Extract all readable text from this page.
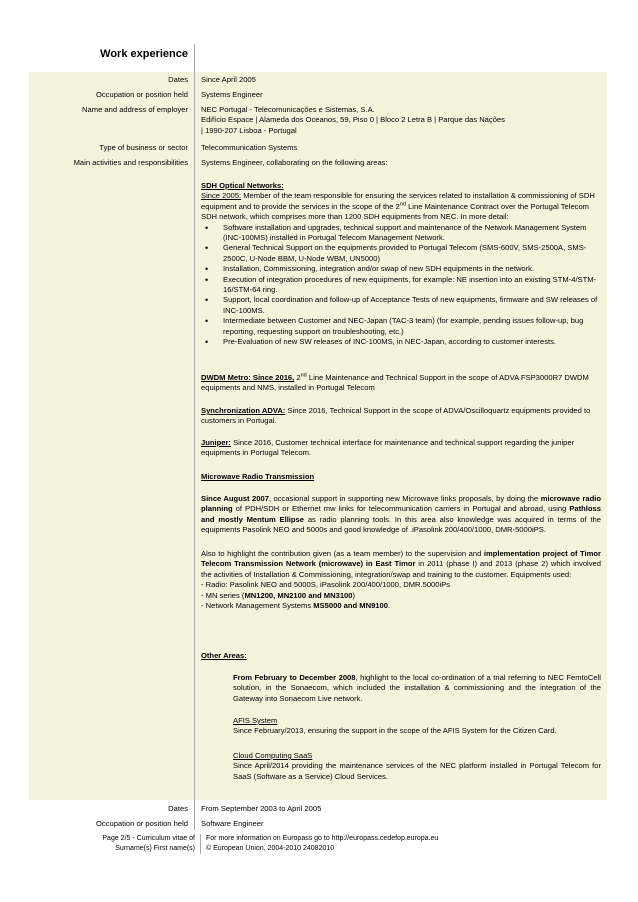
Work experience
Dates
Occupation or position held
Name and address of employer
Type of business or sector
Main activities and responsibilities
Since April 2005
Systems Engineer

NEC Portugal - Telecomunicações e Sistemas, S.A.

Edifício Espace | Alameda dos Oceanos, 59, Piso 0 | Bloco 2 Letra B | Parque das Nações

| 1990-207 Lisboa - Portugal

Telecommunication Systems
Systems Engineer, collaborating on the following areas:

SDH Optical Networks:

Since 2005: Member of the team responsible for ensuring the services related to installation & commissioning of SDH equipment and to provide the services in the scope of the 2nd Line Maintenance Contract over the Portugal Telecom SDH network, which comprises more than 1200 SDH equipments from NEC. In more detail:

• Software installation and upgrades, technical support and maintenance of the Network Management System (INC-100MS) installed in Portugal Telecom Management Network.
• General Technical Support on the equipments provided to Portugal Telecom (SMS-600V, SMS-2500A, SMS-2500C, U-Node BBM, U-Node WBM, UN5000)
• Installation, Commissioning, integration and/or swap of new SDH equipments in the network.
• Execution of integration procedures of new equipments, for example: NE insertion into an existing STM-4/STM-16/STM-64 ring.
• Support, local coordination and follow-up of Acceptance Tests of new equipments, firmware and SW releases of INC-100MS.
• Intermediate between Customer and NEC-Japan (TAC-3 team) (for example, pending issues follow-up, bug reporting, requesting support on troubleshooting, etc.)
• Pre-Evaluation of new SW releases of INC-100MS, in NEC-Japan, according to customer interests.

DWDM Metro: Since 2016, 2nd Line Maintenance and Technical Support in the scope of ADVA FSP3000R7 DWDM equipments and NMS, installed in Portugal Telecom

Synchronization ADVA: Since 2016, Technical Support in the scope of ADVA/Oscilloquartz equipments provided to customers in Portugal.

Juniper: Since 2016, Customer technical interface for maintenance and technical support regarding the juniper equipments in Portugal Telecom.

Microwave Radio Transmission
Since August 2007, occasional support in supporting new Microwave links proposals, by doing the microwave radio planning of PDH/SDH or Ethernet mw links for telecommunication carriers in Portugal and abroad, using Pathloss and mostly Mentum Ellipse as radio planning tools. In this area also knowledge was acquired in terms of the equipments Pasolink NEO and 5000s and good knowledge of .iPasolink 200/400/1000, DMR-5000iPS.
Also to highlight the contribution given (as a team member) to the supervision and implementation project of Timor Telecom Transmission Network (microwave) in East Timor in 2011 (phase I) and 2013 (phase 2) which involved the activities of Installation & Commissioning, integration/swap and training to the customer. Equipments used:

- Radio: Pasolink NEO and 5000S, iPasolink 200/400/1000, DMR.5000iPs

- MN series (MN1200, MN2100 and MN3100)

- Network Management Systems MS5000 and MN9100.

Other Areas:
From February to December 2008, highlight to the local co-ordination of a trial referring to NEC FemtoCell solution, in the Sonaecom, which included the installation & commissioning and the integration of the Gateway into Sonaecom Live network.

AFIS System

Since February/2013, ensuring the support in the scope of the AFIS System for the Citizen Card.

Cloud Computing SaaS

Since April/2014 providing the maintenance services of the NEC platform installed in Portugal Telecom for SaaS (Software as a Service) Cloud Services.

Dates From September 2003 to April 2005
Occupation or position held Software Engineer
Page 2/5 - Curriculum vitae of
Surname(s) First name(s)
For more information on Europass go to http://europass.cedefop.europa.eu
© European Union, 2004-2010 24082010
